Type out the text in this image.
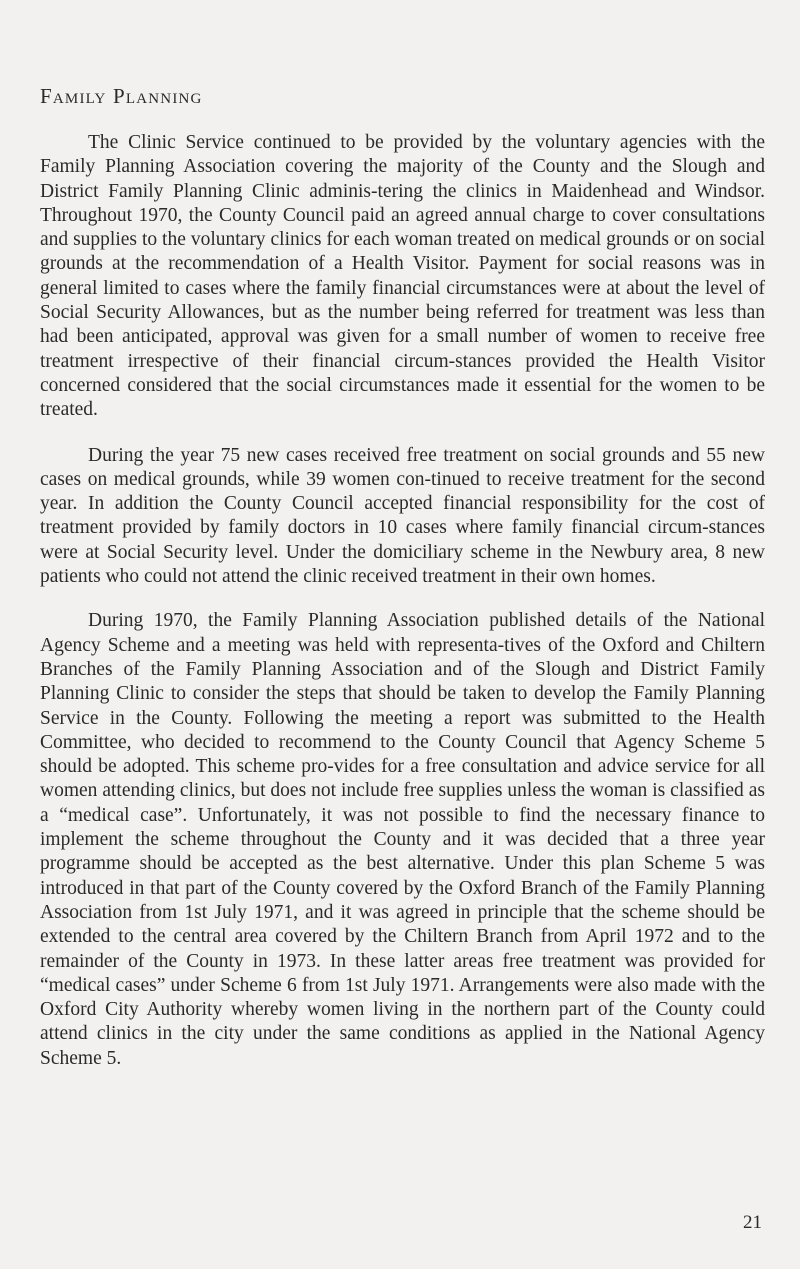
Family Planning

The Clinic Service continued to be provided by the voluntary agencies with the Family Planning Association covering the majority of the County and the Slough and District Family Planning Clinic adminis-tering the clinics in Maidenhead and Windsor. Throughout 1970, the County Council paid an agreed annual charge to cover consultations and supplies to the voluntary clinics for each woman treated on medical grounds or on social grounds at the recommendation of a Health Visitor. Payment for social reasons was in general limited to cases where the family financial circumstances were at about the level of Social Security Allowances, but as the number being referred for treatment was less than had been anticipated, approval was given for a small number of women to receive free treatment irrespective of their financial circum-stances provided the Health Visitor concerned considered that the social circumstances made it essential for the women to be treated.

During the year 75 new cases received free treatment on social grounds and 55 new cases on medical grounds, while 39 women con-tinued to receive treatment for the second year. In addition the County Council accepted financial responsibility for the cost of treatment provided by family doctors in 10 cases where family financial circum-stances were at Social Security level. Under the domiciliary scheme in the Newbury area, 8 new patients who could not attend the clinic received treatment in their own homes.

During 1970, the Family Planning Association published details of the National Agency Scheme and a meeting was held with representa-tives of the Oxford and Chiltern Branches of the Family Planning Association and of the Slough and District Family Planning Clinic to consider the steps that should be taken to develop the Family Planning Service in the County. Following the meeting a report was submitted to the Health Committee, who decided to recommend to the County Council that Agency Scheme 5 should be adopted. This scheme pro-vides for a free consultation and advice service for all women attending clinics, but does not include free supplies unless the woman is classified as a “medical case”. Unfortunately, it was not possible to find the necessary finance to implement the scheme throughout the County and it was decided that a three year programme should be accepted as the best alternative. Under this plan Scheme 5 was introduced in that part of the County covered by the Oxford Branch of the Family Planning Association from 1st July 1971, and it was agreed in principle that the scheme should be extended to the central area covered by the Chiltern Branch from April 1972 and to the remainder of the County in 1973. In these latter areas free treatment was provided for “medical cases” under Scheme 6 from 1st July 1971. Arrangements were also made with the Oxford City Authority whereby women living in the northern part of the County could attend clinics in the city under the same conditions as applied in the National Agency Scheme 5.

21
